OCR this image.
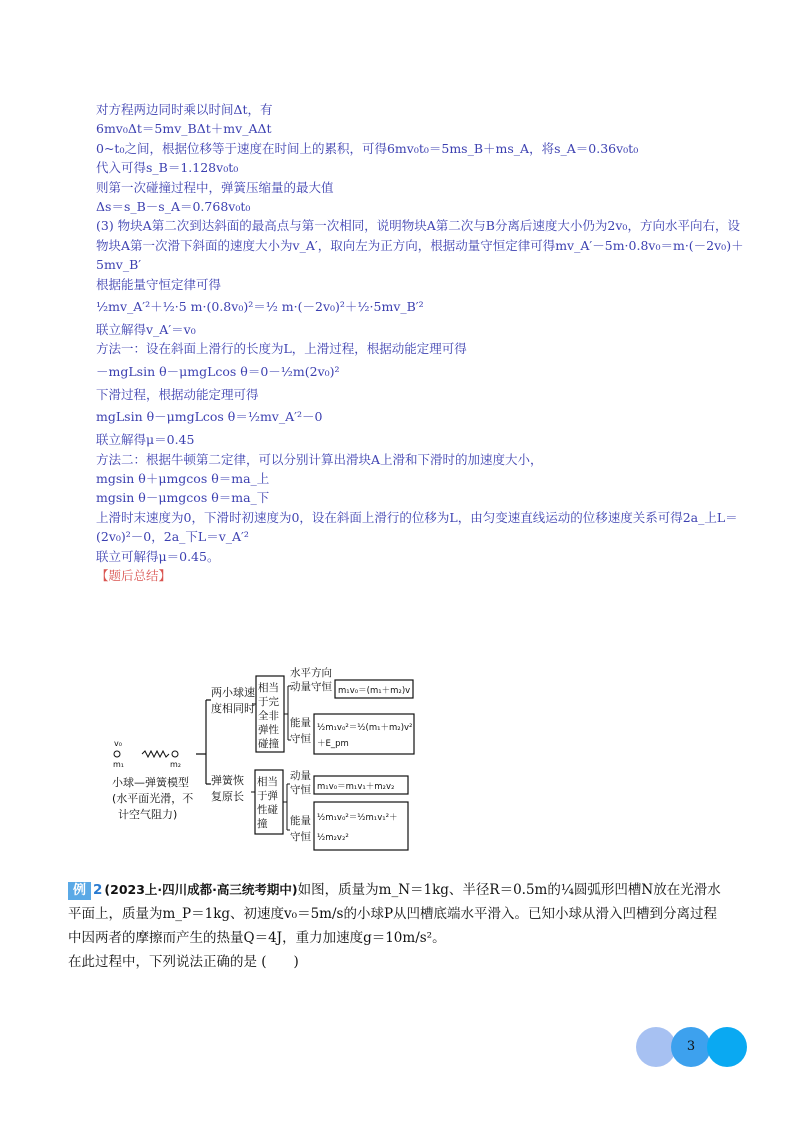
对方程两边同时乘以时间Δt，有
6mv₀Δt＝5mv_BΔt＋mv_AΔt
0~t₀之间，根据位移等于速度在时间上的累积，可得6mv₀t₀＝5ms_B＋ms_A，将s_A＝0.36v₀t₀
代入可得s_B＝1.128v₀t₀
则第一次碰撞过程中，弹簧压缩量的最大值
Δs＝s_B－s_A＝0.768v₀t₀
(3) 物块A第二次到达斜面的最高点与第一次相同，说明物块A第二次与B分离后速度大小仍为2v₀，方向水平向右，设物块A第一次滑下斜面的速度大小为v_A′，取向左为正方向，根据动量守恒定律可得mv_A′－5m·0.8v₀＝m·(－2v₀)＋5mv_B′
根据能量守恒定律可得
½mv_A′²＋½·5 m·(0.8v₀)²＝½ m·(－2v₀)²＋½·5mv_B′²
联立解得v_A′＝v₀
方法一：设在斜面上滑行的长度为L，上滑过程，根据动能定理可得
－mgLsin θ－μmgLcos θ＝0－½m(2v₀)²
下滑过程，根据动能定理可得
mgLsin θ－μmgLcos θ＝½mv_A′²－0
联立解得μ＝0.45
方法二：根据牛顿第二定律，可以分别计算出滑块A上滑和下滑时的加速度大小，
mgsin θ＋μmgcos θ＝ma_上
mgsin θ－μmgcos θ＝ma_下
上滑时末速度为0，下滑时初速度为0，设在斜面上滑行的位移为L，由匀变速直线运动的位移速度关系可得2a_上L＝(2v₀)²－0，2a_下L＝v_A′²
联立可解得μ＝0.45。
【题后总结】
v₀
m₁	m₂
小球—弹簧模型
(水平面光滑，不
计空气阻力)
两小球速
度相同时
相当
于完
全非
弹性
碰撞
水平方向
动量守恒 m₁v₀＝(m₁＋m₂)v
能量
守恒
½m₁v₀²＝½(m₁＋m₂)v²
＋E_pm
弹簧恢
复原长
相当
于弹
性碰
撞
动量
守恒 m₁v₀＝m₁v₁＋m₂v₂
能量
守恒
½m₁v₀²＝½m₁v₁²＋
½m₂v₂²
例 2 (2023上·四川成都·高三统考期中)如图，质量为m_N＝1kg、半径R＝0.5m的¼圆弧形凹槽N放在光滑水平面上，质量为m_P＝1kg、初速度v₀＝5m/s的小球P从凹槽底端水平滑入。已知小球从滑入凹槽到分离过程中因两者的摩擦而产生的热量Q＝4J，重力加速度g＝10m/s²。
在此过程中，下列说法正确的是 (　　)
3
